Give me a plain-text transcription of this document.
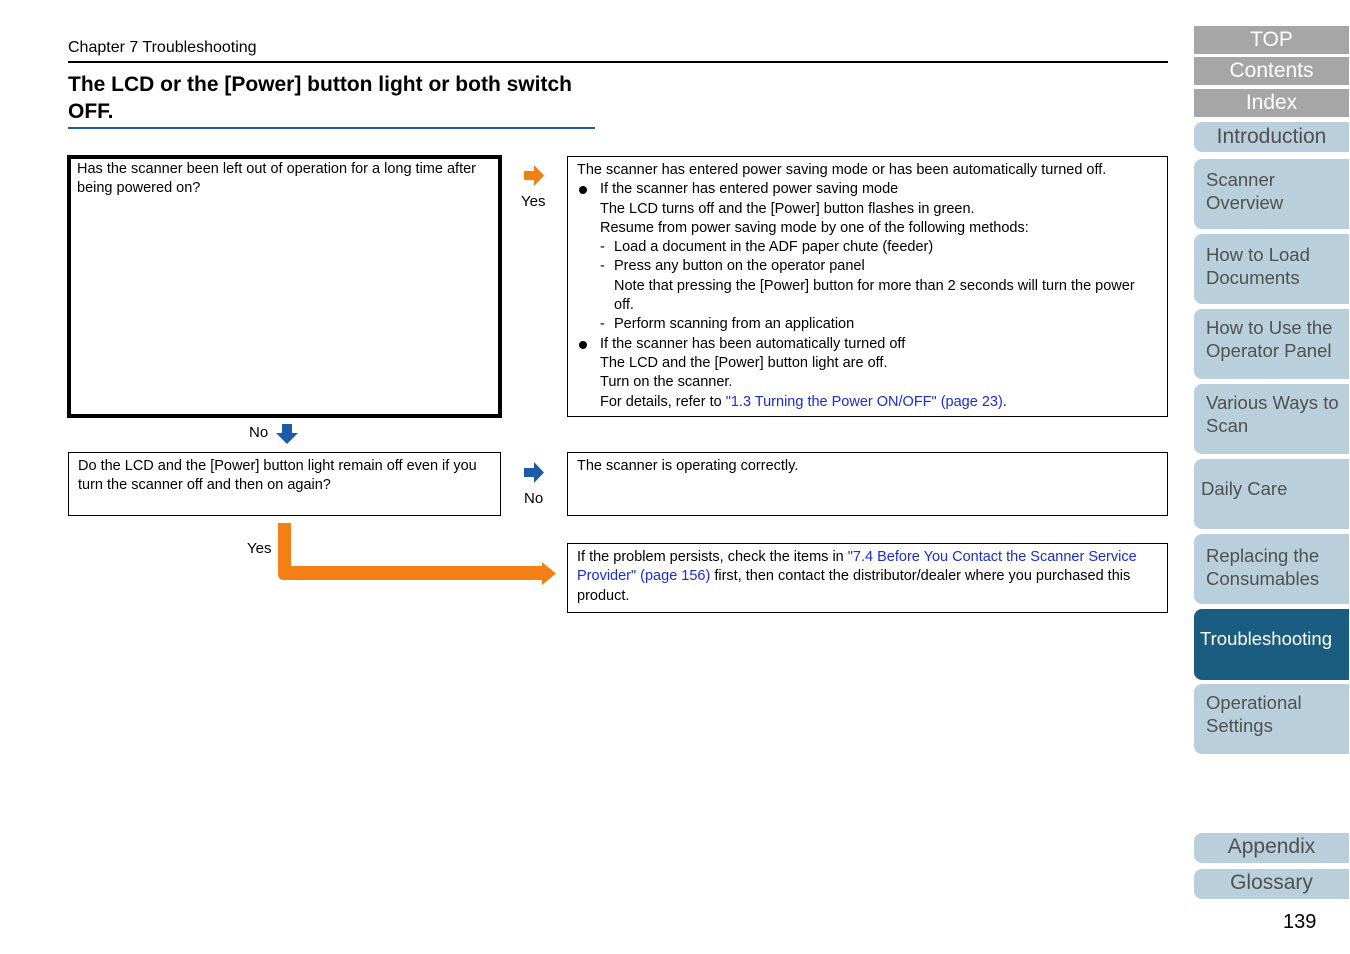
Chapter 7 Troubleshooting
The LCD or the [Power] button light or both switch OFF.
Has the scanner been left out of operation for a long time after being powered on?
Yes
The scanner has entered power saving mode or has been automatically turned off.
If the scanner has entered power saving mode
The LCD turns off and the [Power] button flashes in green.
Resume from power saving mode by one of the following methods:
- Load a document in the ADF paper chute (feeder)
- Press any button on the operator panel
Note that pressing the [Power] button for more than 2 seconds will turn the power off.
- Perform scanning from an application
If the scanner has been automatically turned off
The LCD and the [Power] button light are off.
Turn on the scanner.
For details, refer to "1.3 Turning the Power ON/OFF" (page 23).
No
Do the LCD and the [Power] button light remain off even if you turn the scanner off and then on again?
No
The scanner is operating correctly.
Yes	If the problem persists, check the items in "7.4 Before You Contact the Scanner Service Provider" (page 156) first, then contact the distributor/dealer where you purchased this product.
TOP
Contents
Index
Introduction
Scanner Overview
How to Load Documents
How to Use the Operator Panel
Various Ways to Scan
Daily Care
Replacing the Consumables
Troubleshooting
Operational Settings
Appendix
Glossary
139
